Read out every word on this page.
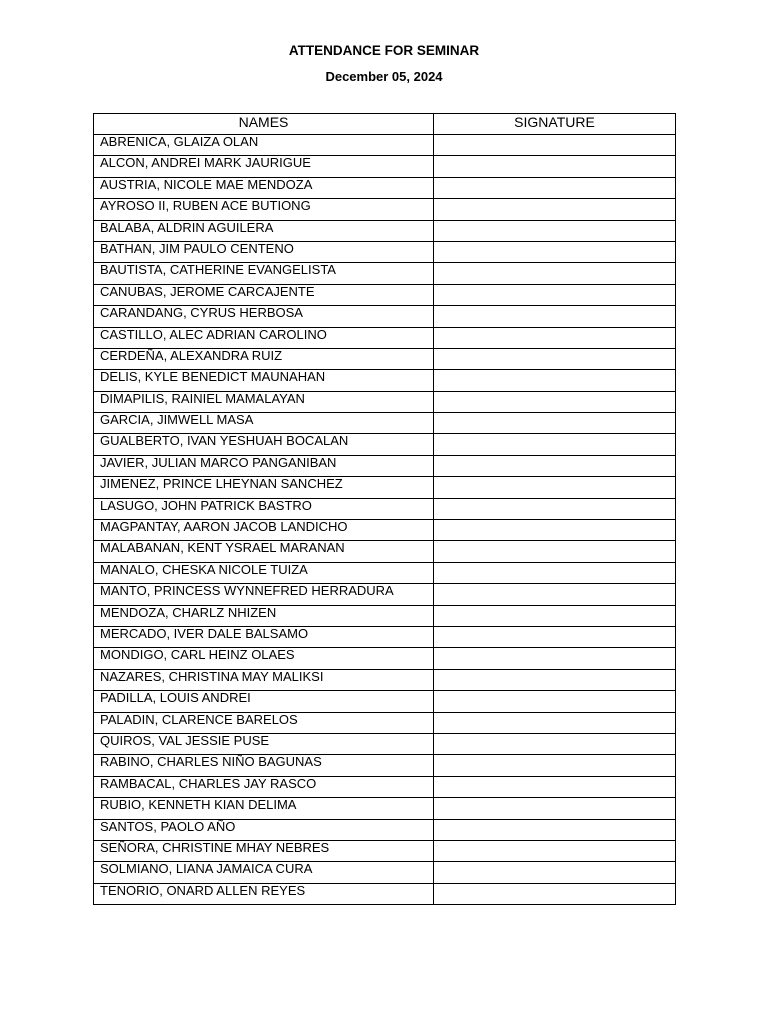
ATTENDANCE FOR SEMINAR
December 05, 2024
NAMES	SIGNATURE

ABRENICA, GLAIZA OLAN	

ALCON, ANDREI MARK JAURIGUE	

AUSTRIA, NICOLE MAE MENDOZA	

AYROSO II, RUBEN ACE BUTIONG	

BALABA, ALDRIN AGUILERA	

BATHAN, JIM PAULO CENTENO	

BAUTISTA, CATHERINE EVANGELISTA	

CANUBAS, JEROME CARCAJENTE	

CARANDANG, CYRUS HERBOSA	

CASTILLO, ALEC ADRIAN CAROLINO	

CERDEÑA, ALEXANDRA RUIZ	

DELIS, KYLE BENEDICT MAUNAHAN	

DIMAPILIS, RAINIEL MAMALAYAN	

GARCIA, JIMWELL MASA	

GUALBERTO, IVAN YESHUAH BOCALAN	

JAVIER, JULIAN MARCO PANGANIBAN	

JIMENEZ, PRINCE LHEYNAN SANCHEZ	

LASUGO, JOHN PATRICK BASTRO	

MAGPANTAY, AARON JACOB LANDICHO	

MALABANAN, KENT YSRAEL MARANAN	

MANALO, CHESKA NICOLE TUIZA	

MANTO, PRINCESS WYNNEFRED HERRADURA	

MENDOZA, CHARLZ NHIZEN	

MERCADO, IVER DALE BALSAMO	

MONDIGO, CARL HEINZ OLAES	

NAZARES, CHRISTINA MAY MALIKSI	

PADILLA, LOUIS ANDREI	

PALADIN, CLARENCE BARELOS	

QUIROS, VAL JESSIE PUSE	

RABINO, CHARLES NIÑO BAGUNAS	

RAMBACAL, CHARLES JAY RASCO	

RUBIO, KENNETH KIAN DELIMA	

SANTOS, PAOLO AÑO	

SEÑORA, CHRISTINE MHAY NEBRES	

SOLMIANO, LIANA JAMAICA CURA	

TENORIO, ONARD ALLEN REYES	
